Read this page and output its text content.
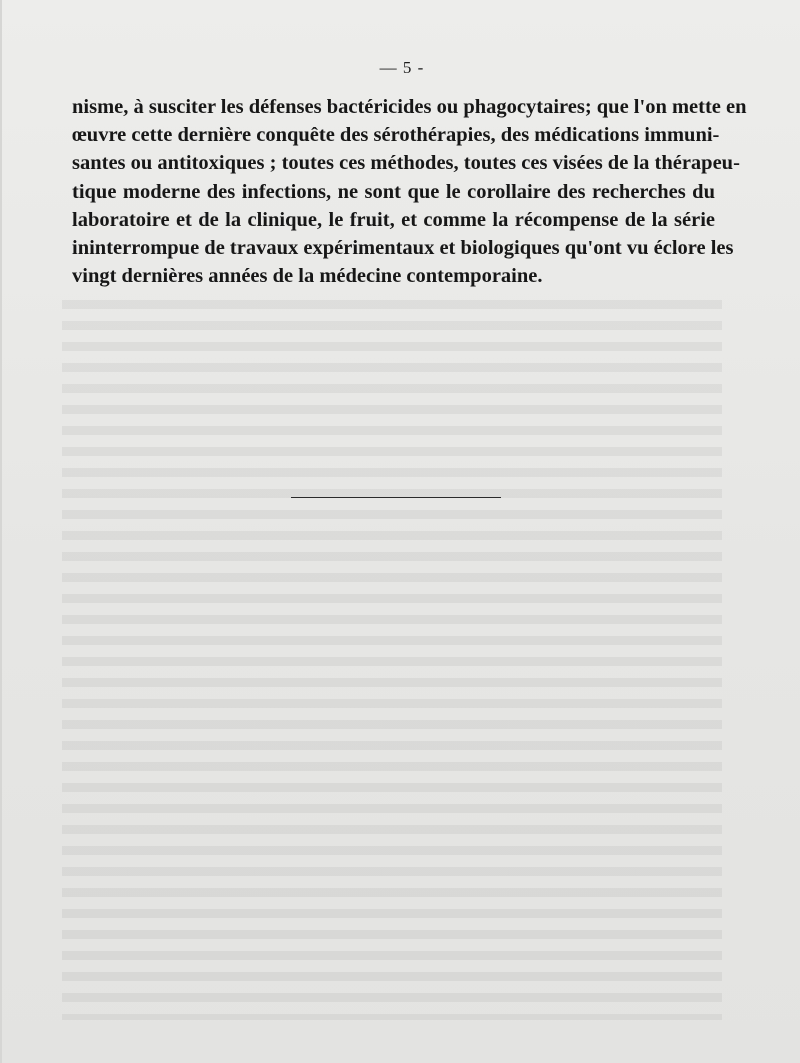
— 5 -

nisme, à susciter les défenses bactéricides ou phagocytaires; que l'on mette en
œuvre cette dernière conquête des sérothérapies, des médications immuni-
santes ou antitoxiques ; toutes ces méthodes, toutes ces visées de la thérapeu-
tique moderne des infections, ne sont que le corollaire des recherches du
laboratoire et de la clinique, le fruit, et comme la récompense de la série
ininterrompue de travaux expérimentaux et biologiques qu'ont vu éclore les
vingt dernières années de la médecine contemporaine.
